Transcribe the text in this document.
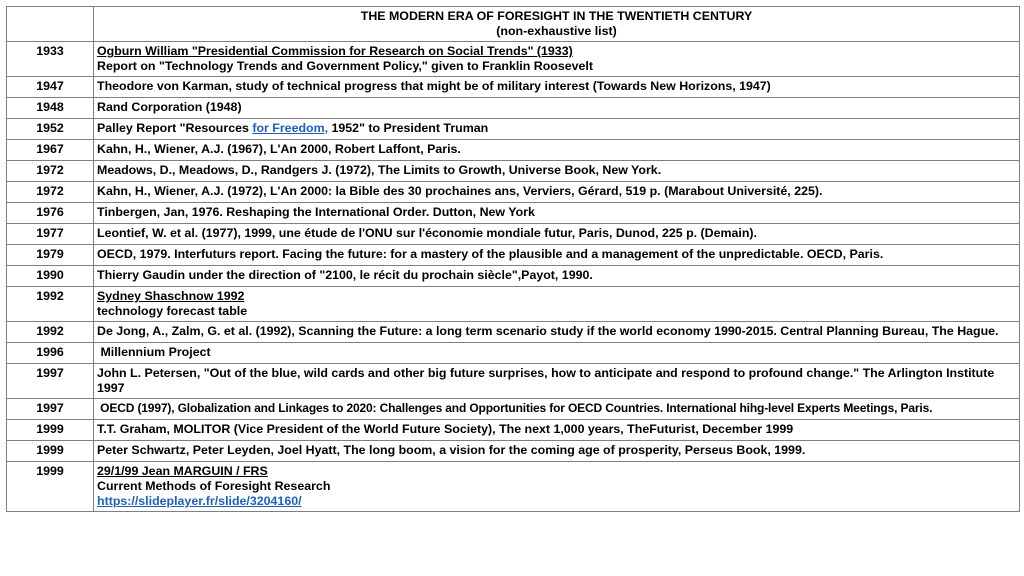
	THE MODERN ERA OF FORESIGHT IN THE TWENTIETH CENTURY
(non-exhaustive list)

1933	Ogburn William "Presidential Commission for Research on Social Trends" (1933)
Report on "Technology Trends and Government Policy," given to Franklin Roosevelt

1947	Theodore von Karman, study of technical progress that might be of military interest (Towards New Horizons, 1947)
1948	Rand Corporation (1948)
1952	Palley Report "Resources for Freedom, 1952" to President Truman
1967	Kahn, H., Wiener, A.J. (1967), L'An 2000, Robert Laffont, Paris.
1972	Meadows, D., Meadows, D., Randgers J. (1972), The Limits to Growth, Universe Book, New York.
1972	Kahn, H., Wiener, A.J. (1972), L'An 2000: la Bible des 30 prochaines ans, Verviers, Gérard, 519 p. (Marabout Université, 225).
1976	Tinbergen, Jan, 1976. Reshaping the International Order. Dutton, New York
1977	Leontief, W. et al. (1977), 1999, une étude de l'ONU sur l'économie mondiale futur, Paris, Dunod, 225 p. (Demain).
1979	OECD, 1979. Interfuturs report. Facing the future: for a mastery of the plausible and a management of the unpredictable. OECD, Paris.
1990	Thierry Gaudin under the direction of "2100, le récit du prochain siècle",Payot, 1990.
1992	Sydney Shaschnow 1992
technology forecast table

1992	De Jong, A., Zalm, G. et al. (1992), Scanning the Future: a long term scenario study if the world economy 1990-2015. Central Planning Bureau, The Hague.
1996	Millennium Project
1997	John L. Petersen, "Out of the blue, wild cards and other big future surprises, how to anticipate and respond to profound change." The Arlington Institute 1997
1997	OECD (1997), Globalization and Linkages to 2020: Challenges and Opportunities for OECD Countries. International hihg-level Experts Meetings, Paris.
1999	T.T. Graham, MOLITOR (Vice President of the World Future Society), The next 1,000 years, TheFuturist, December 1999
1999	Peter Schwartz, Peter Leyden, Joel Hyatt, The long boom, a vision for the coming age of prosperity, Perseus Book, 1999.
1999	29/1/99 Jean MARGUIN / FRS
Current Methods of Foresight Research
https://slideplayer.fr/slide/3204160/
